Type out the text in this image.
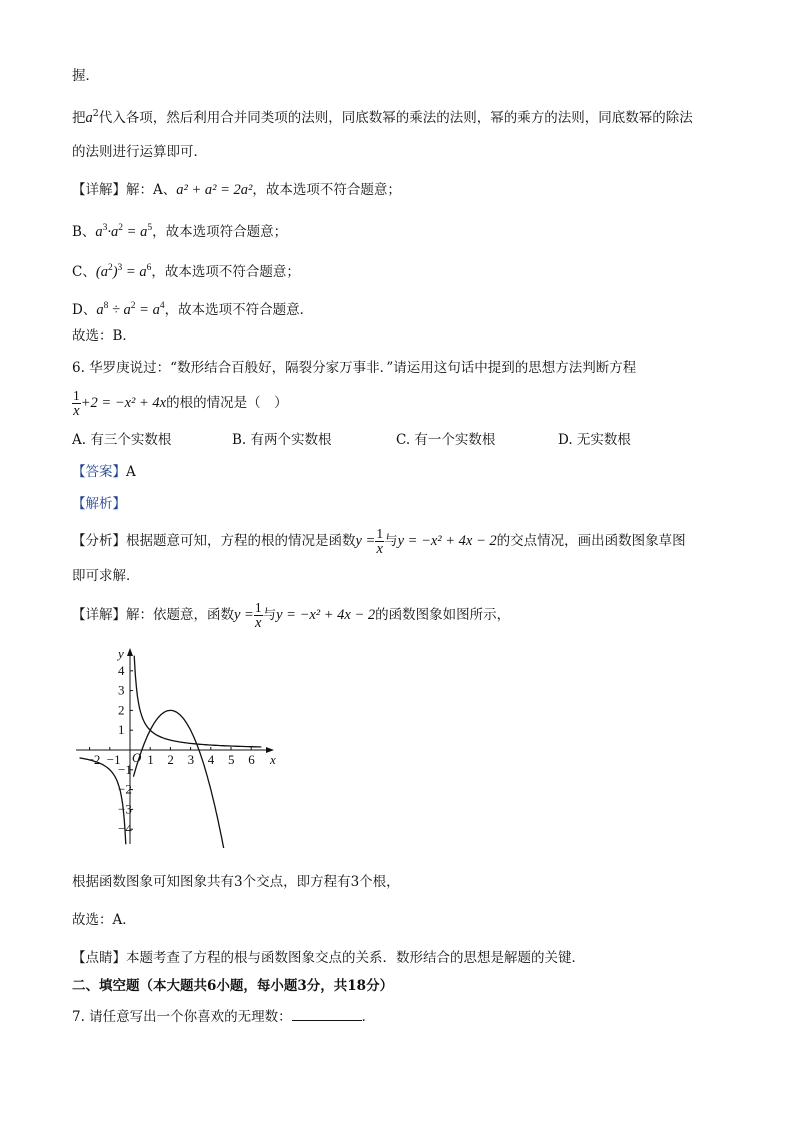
握．
把$a^2$代入各项，然后利用合并同类项的法则，同底数幂的乘法的法则，幂的乘方的法则，同底数幂的除法
的法则进行运算即可．
【详解】解：A、a² + a² = 2a²，故本选项不符合题意；
B、$a^3\cdot a^2 = a^5$，故本选项符合题意；
C、$(a^2)^3 = a^6$，故本选项不符合题意；
D、$a^8 \div a^2 = a^4$，故本选项不符合题意．
故选：B．
6. 华罗庚说过：“数形结合百般好，隔裂分家万事非．”请运用这句话中提到的思想方法判断方程
$\frac{1}{x} +2 = -x^2 + 4x$的根的情况是（　）
A. 有三个实数根	B. 有两个实数根	C. 有一个实数根	D. 无实数根
【答案】A
【解析】
【分析】根据题意可知，方程的根的情况是函数$y = \frac{1}{x}$ 与y = −x² + 4x − 2的交点情况，画出函数图象草图
即可求解．
【详解】解：依题意，函数$y = \frac{1}{x}$ 与y = −x² + 4x − 2的函数图象如图所示，
−2 −1 1 2 3 4 5 6
−4
−3
−2
−1
1
2
3
4
O	x
y
根据函数图象可知图象共有3个交点，即方程有3个根，
故选：A．
【点睛】本题考查了方程的根与函数图象交点的关系．数形结合的思想是解题的关键．
二、填空题（本大题共6小题，每小题3分，共18分）
7. 请任意写出一个你喜欢的无理数：	．
